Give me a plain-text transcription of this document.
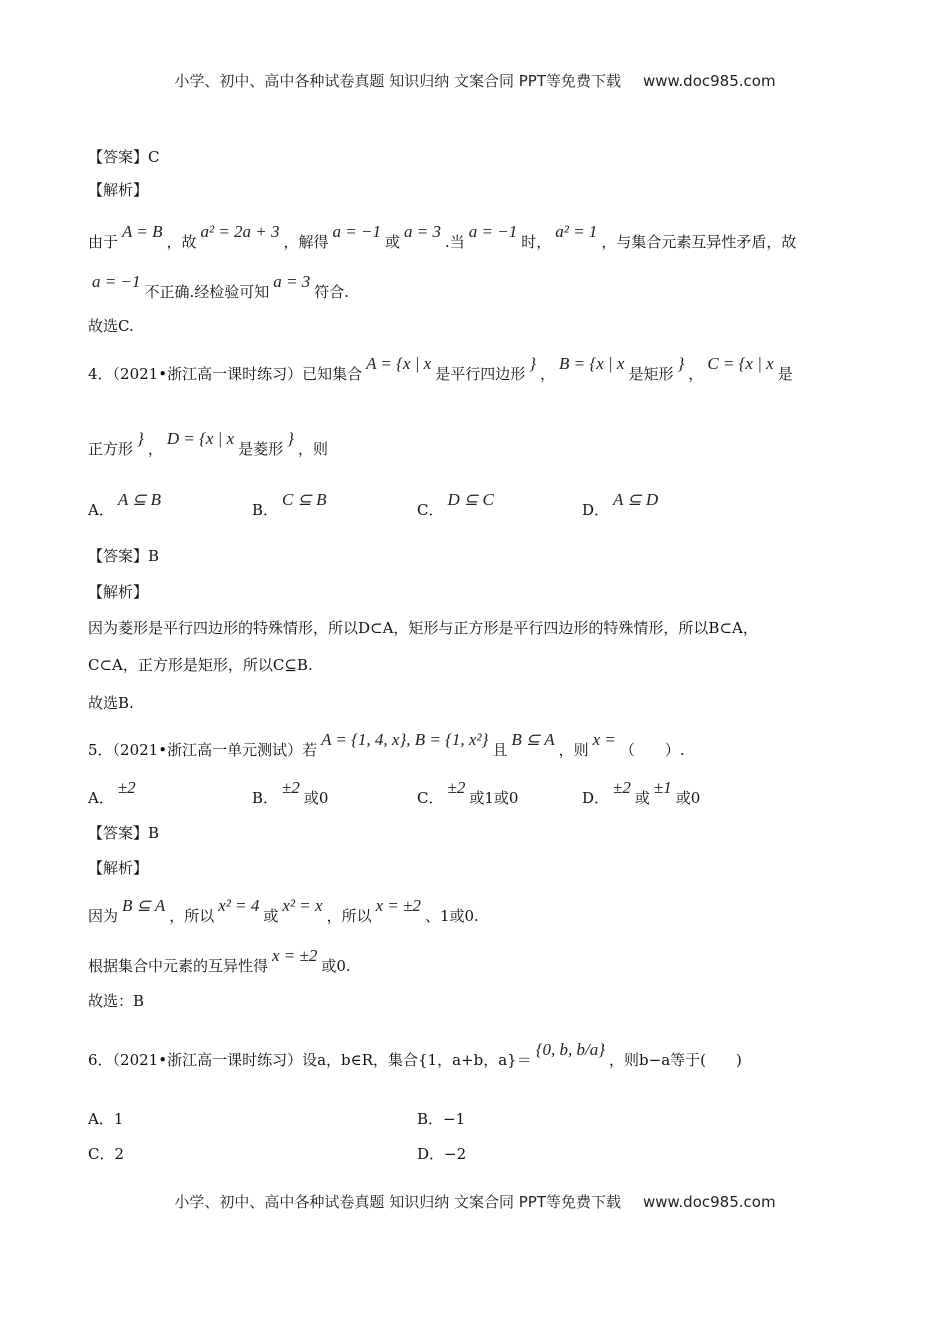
小学、初中、高中各种试卷真题 知识归纳 文案合同 PPT等免费下载 www.doc985.com
【答案】C
【解析】
由于A = B，故a² = 2a + 3，解得a = −1或a = 3.当a = −1时，a² = 1，与集合元素互异性矛盾，故
a = −1不正确.经检验可知a = 3符合.
故选C.
4．（2021•浙江高一课时练习）已知集合A = {x | x是平行四边形}，B = {x | x是矩形}，C = {x | x是
正方形}，D = {x | x是菱形}，则
A．A ⊆ B
B．C ⊆ B
C．D ⊆ C
D．A ⊆ D
【答案】B
【解析】
因为菱形是平行四边形的特殊情形，所以D⊂A，矩形与正方形是平行四边形的特殊情形，所以B⊂A，
C⊂A，正方形是矩形，所以C⊆B.
故选B.
5．（2021•浙江高一单元测试）若A = {1, 4, x}, B = {1, x²}且B ⊆ A，则x =（　　）.
A．±2
B．±2或0	C．±2或1或0	D．±2或±1或0
【答案】B
【解析】
因为B ⊆ A，所以x² = 4或x² = x，所以x = ±2、1或0.
根据集合中元素的互异性得x = ±2或0.
故选：B
6．（2021•浙江高一课时练习）设a，b∈R，集合{1，a+b，a}＝{0, b, b/a}，则b−a等于(　　)
A．1	B．−1
C．2	D．−2
小学、初中、高中各种试卷真题 知识归纳 文案合同 PPT等免费下载 www.doc985.com
